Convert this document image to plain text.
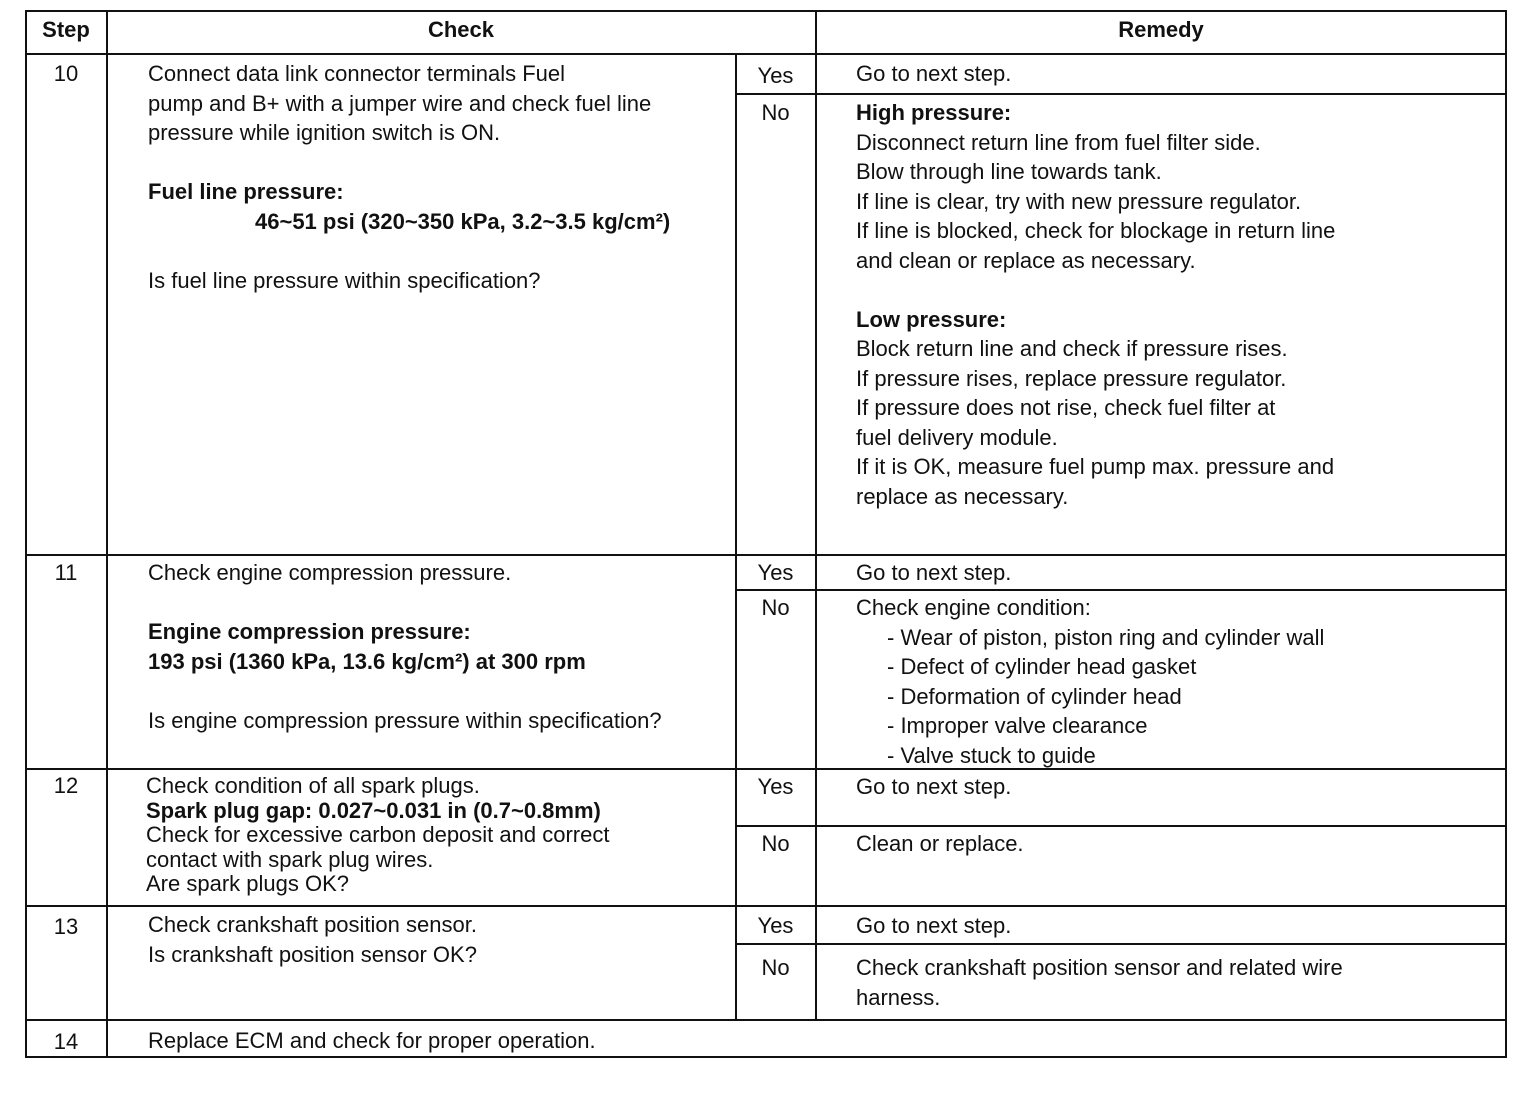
Step	Check	Remedy
10	Connect data link connector terminals Fuel
pump and B+ with a jumper wire and check fuel line
pressure while ignition switch is ON.
Fuel line pressure:
46~51 psi (320~350 kPa, 3.2~3.5 kg/cm²)
Is fuel line pressure within specification?
Yes	Go to next step.
No	High pressure:
Disconnect return line from fuel filter side.
Blow through line towards tank.
If line is clear, try with new pressure regulator.
If line is blocked, check for blockage in return line
and clean or replace as necessary.
Low pressure:
Block return line and check if pressure rises.
If pressure rises, replace pressure regulator.
If pressure does not rise, check fuel filter at
fuel delivery module.
If it is OK, measure fuel pump max. pressure and
replace as necessary.
11	Check engine compression pressure.
Engine compression pressure:
193 psi (1360 kPa, 13.6 kg/cm²) at 300 rpm
Is engine compression pressure within specification?
Yes	Go to next step.
No	Check engine condition:
- Wear of piston, piston ring and cylinder wall
- Defect of cylinder head gasket
- Deformation of cylinder head
- Improper valve clearance
- Valve stuck to guide
12	Check condition of all spark plugs.
Spark plug gap: 0.027~0.031 in (0.7~0.8mm)
Check for excessive carbon deposit and correct
contact with spark plug wires.
Are spark plugs OK?
Yes	Go to next step.
No	Clean or replace.
13	Check crankshaft position sensor.
Is crankshaft position sensor OK?
Yes	Go to next step.
No	Check crankshaft position sensor and related wire
harness.
14	Replace ECM and check for proper operation.
